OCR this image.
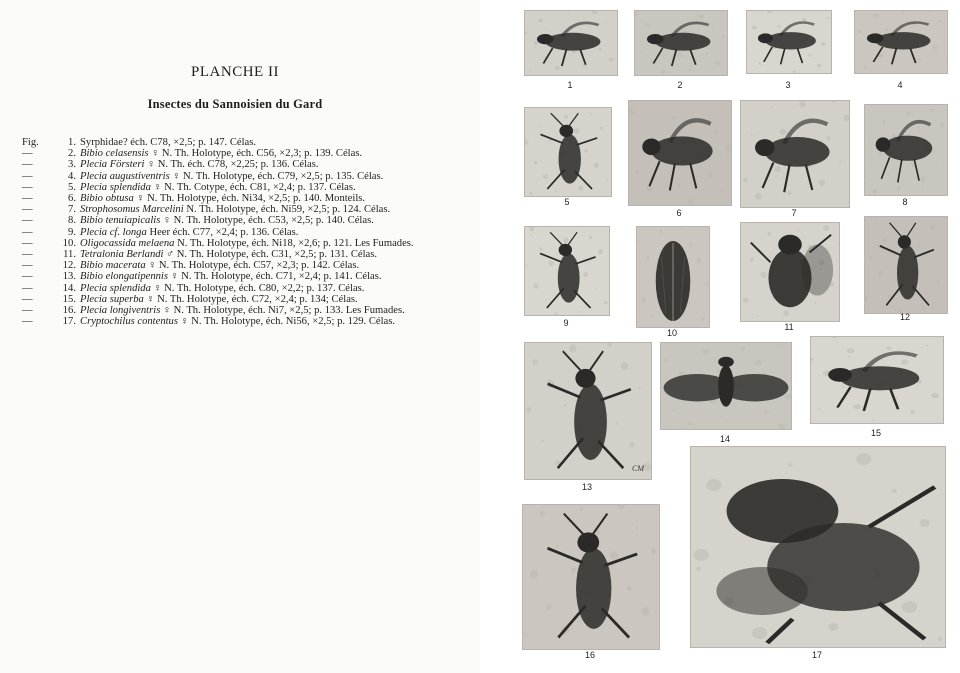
PLANCHE II
Insectes du Sannoisien du Gard

Fig.	1. Syrphidae? éch. C78, ×2,5; p. 147. Célas.

—	2. Bibio celasensis ♀ N. Th. Holotype, éch. C56, ×2,3; p. 139. Célas.

—	3. Plecia Försteri ♀ N. Th. éch. C78, ×2,25; p. 136. Célas.

—	4. Plecia augustiventris ♀ N. Th. Holotype, éch. C79, ×2,5; p. 135. Célas.

—	5. Plecia splendida ♀ N. Th. Cotype, éch. C81, ×2,4; p. 137. Célas.

—	6. Bibio obtusa ♀ N. Th. Holotype, éch. Ni34, ×2,5; p. 140. Monteils.

—	7. Strophosomus Marcelini N. Th. Holotype, éch. Ni59, ×2,5; p. 124. Célas.

—	8. Bibio tenuiapicalis ♀ N. Th. Holotype, éch. C53, ×2,5; p. 140. Célas.

—	9. Plecia cf. longa Heer éch. C77, ×2,4; p. 136. Célas.

—	10. Oligocassida melaena N. Th. Holotype, éch. Ni18, ×2,6; p. 121. Les Fumades.

—	11. Tetralonia Berlandi ♂ N. Th. Holotype, éch. C31, ×2,5; p. 131. Célas.

—	12. Bibio macerata ♀ N. Th. Holotype, éch. C57, ×2,3; p. 142. Célas.

—	13. Bibio elongatipennis ♀ N. Th. Holotype, éch. C71, ×2,4; p. 141. Célas.

—	14. Plecia splendida ♀ N. Th. Holotype, éch. C80, ×2,2; p. 137. Célas.

—	15. Plecia superba ♀ N. Th. Holotype, éch. C72, ×2,4; p. 134; Célas.

—	16. Plecia longiventris ♀ N. Th. Holotype, éch. Ni7, ×2,5; p. 133. Les Fumades.

—	17. Cryptochilus contentus ♀ N. Th. Holotype, éch. Ni56, ×2,5; p. 129. Célas.

1	2	3	4
5
6	7
8
9
10
11
12
13
14
15
16	17
CM
